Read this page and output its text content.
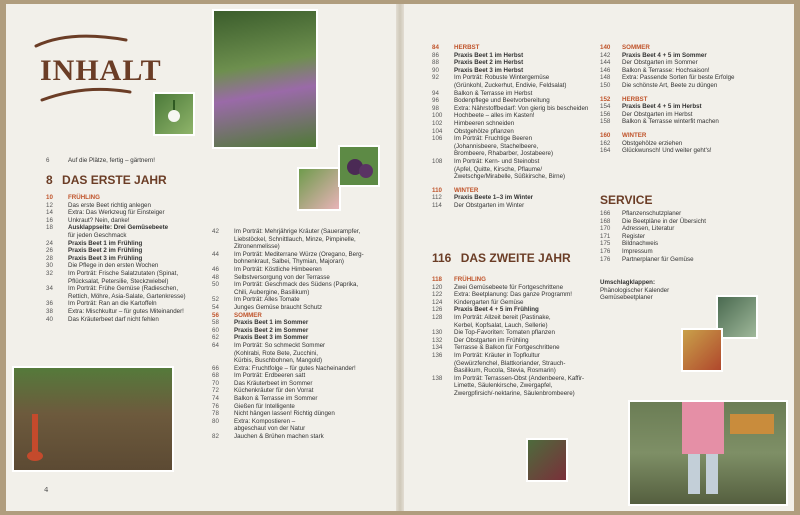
INHALT
6	Auf die Plätze, fertig – gärtnern!
8 DAS ERSTE JAHR
10	FRÜHLING
12	Das erste Beet richtig anlegen
14	Extra: Das Werkzeug für Einsteiger
16	Unkraut? Nein, danke!
18	Ausklappseite: Drei Gemüsebeete
für jeden Geschmack
24	Praxis Beet 1 im Frühling
26	Praxis Beet 2 im Frühling
28	Praxis Beet 3 im Frühling
30	Die Pflege in den ersten Wochen
32	Im Porträt: Frische Salatzutaten (Spinat,
Pflücksalat, Petersilie, Steckzwiebel)
34	Im Porträt: Frühe Gemüse (Radieschen,
Rettich, Möhre, Asia-Salate, Gartenkresse)
36	Im Porträt: Ran an die Kartoffeln
38	Extra: Mischkultur – für gutes Miteinander!
40	Das Kräuterbeet darf nicht fehlen
42	Im Porträt: Mehrjährige Kräuter (Sauerampfer,
Liebstöckel, Schnittlauch, Minze, Pimpinelle,
Zitronenmelisse)
44	Im Porträt: Mediterrane Würze (Oregano, Berg-
bohnenkraut, Salbei, Thymian, Majoran)
46	Im Porträt: Köstliche Himbeeren
48	Selbstversorgung von der Terrasse
50	Im Porträt: Geschmack des Südens (Paprika,
Chili, Aubergine, Basilikum)
52	Im Porträt: Alles Tomate
54	Junges Gemüse braucht Schutz
56	SOMMER
58	Praxis Beet 1 im Sommer
60	Praxis Beet 2 im Sommer
62	Praxis Beet 3 im Sommer
64	Im Porträt: So schmeckt Sommer
(Kohlrabi, Rote Bete, Zucchini,
Kürbis, Buschbohnen, Mangold)
66	Extra: Fruchtfolge – für gutes Nacheinander!
68	Im Porträt: Erdbeeren satt
70	Das Kräuterbeet im Sommer
72	Küchenkräuter für den Vorrat
74	Balkon & Terrasse im Sommer
76	Gießen für Intelligente
78	Nicht hängen lassen! Richtig düngen
80	Extra: Kompostieren –
abgeschaut von der Natur
82	Jauchen & Brühen machen stark
4
84	HERBST
86	Praxis Beet 1 im Herbst
88	Praxis Beet 2 im Herbst
90	Praxis Beet 3 im Herbst
92	Im Porträt: Robuste Wintergemüse
(Grünkohl, Zuckerhut, Endivie, Feldsalat)
94	Balkon & Terrasse im Herbst
96	Bodenpflege und Beetvorbereitung
98	Extra: Nährstoffbedarf: Von gierig bis bescheiden
100	Hochbeete – alles im Kasten!
102	Himbeeren schneiden
104	Obstgehölze pflanzen
106	Im Porträt: Fruchtige Beeren
(Johannisbeere, Stachelbeere,
Brombeere, Rhabarber, Jostabeere)
108	Im Porträt: Kern- und Steinobst
(Apfel, Quitte, Kirsche, Pflaume/
Zwetschge/Mirabelle, Süßkirsche, Birne)
110	WINTER
112	Praxis Beete 1–3 im Winter
114	Der Obstgarten im Winter
116 DAS ZWEITE JAHR
118	FRÜHLING
120	Zwei Gemüsebeete für Fortgeschrittene
122	Extra: Beetplanung: Das ganze Programm!
124	Kindergarten für Gemüse
126	Praxis Beet 4 + 5 im Frühling
128	Im Porträt: Allzeit bereit (Pastinake,
Kerbel, Kopfsalat, Lauch, Sellerie)
130	Die Top-Favoriten: Tomaten pflanzen
132	Der Obstgarten im Frühling
134	Terrasse & Balkon für Fortgeschrittene
136	Im Porträt: Kräuter in Topfkultur
(Gewürzfenchel, Blattkoriander, Strauch-
Basilikum, Rucola, Stevia, Rosmarin)
138	Im Porträt: Terrassen-Obst (Andenbeere, Kaffir-
Limette, Säulenkirsche, Zwergapfel,
Zwergpfirsich/-nektarine, Säulenbrombeere)
140	SOMMER
142	Praxis Beet 4 + 5 im Sommer
144	Der Obstgarten im Sommer
146	Balkon & Terrasse: Hochsaison!
148	Extra: Passende Sorten für beste Erfolge
150	Die schönste Art, Beete zu düngen
152	HERBST
154	Praxis Beet 4 + 5 im Herbst
156	Der Obstgarten im Herbst
158	Balkon & Terrasse winterfit machen
160	WINTER
162	Obstgehölze erziehen
164	Glückwunsch! Und weiter geht's!
SERVICE
166	Pflanzenschutzplaner
168	Die Beetpläne in der Übersicht
170	Adressen, Literatur
171	Register
175	Bildnachweis
176	Impressum
176	Partnerplaner für Gemüse
Umschlagklappen:
Phänologischer Kalender
Gemüsebeetplaner
